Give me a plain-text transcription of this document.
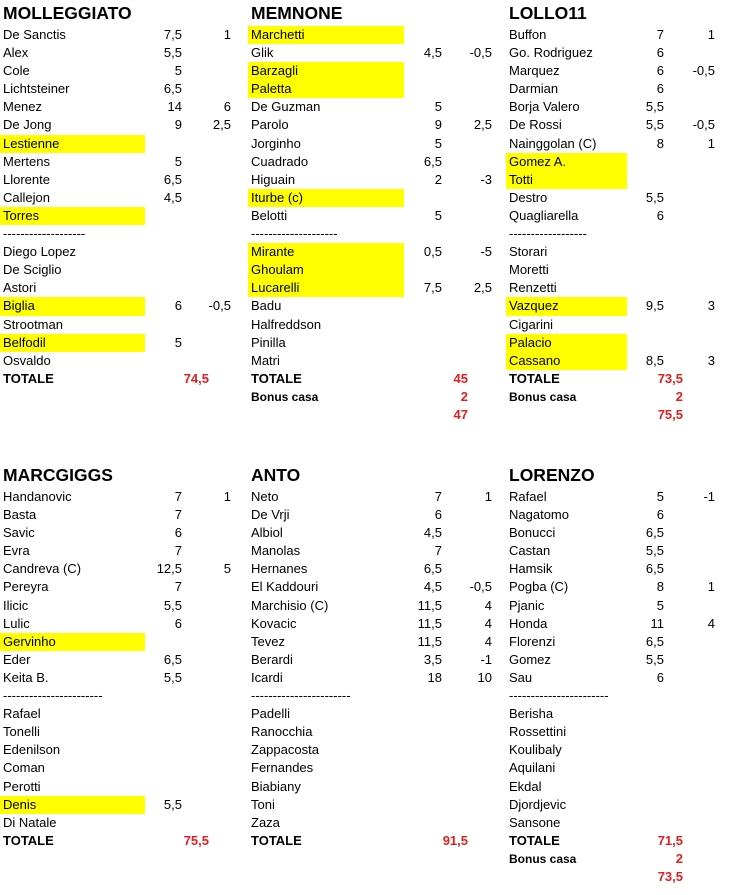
MOLLEGGIATO
De Sanctis	7,5	1
Alex	5,5
Cole	5
Lichtsteiner	6,5
Menez	14	6
De Jong	9	2,5
Lestienne
Mertens	5
Llorente	6,5
Callejon	4,5
Torres
-------------------
Diego Lopez
De Sciglio
Astori
Biglia	6	-0,5
Strootman
Belfodil	5
Osvaldo
TOTALE	74,5
MEMNONE
Marchetti
Glik	4,5	-0,5
Barzagli
Paletta
De Guzman	5
Parolo	9	2,5
Jorginho	5
Cuadrado	6,5
Higuain	2	-3
Iturbe (c)
Belotti	5
--------------------
Mirante	0,5	-5
Ghoulam
Lucarelli	7,5	2,5
Badu
Halfreddson
Pinilla
Matri
TOTALE	45
Bonus casa	2
47
LOLLO11
Buffon	7	1
Go. Rodriguez	6
Marquez	6	-0,5
Darmian	6
Borja Valero	5,5
De Rossi	5,5	-0,5
Nainggolan (C)	8	1
Gomez A.
Totti
Destro	5,5
Quagliarella	6
------------------
Storari
Moretti
Renzetti
Vazquez	9,5	3
Cigarini
Palacio
Cassano	8,5	3
TOTALE	73,5
Bonus casa	2
75,5
MARCGIGGS
Handanovic	7	1
Basta	7
Savic	6
Evra	7
Candreva (C)	12,5	5
Pereyra	7
Ilicic	5,5
Lulic	6
Gervinho
Eder	6,5
Keita B.	5,5
-----------------------
Rafael
Tonelli
Edenilson
Coman
Perotti
Denis	5,5
Di Natale
TOTALE	75,5
ANTO
Neto	7	1
De Vrji	6
Albiol	4,5
Manolas	7
Hernanes	6,5
El Kaddouri	4,5	-0,5
Marchisio (C)	11,5	4
Kovacic	11,5	4
Tevez	11,5	4
Berardi	3,5	-1
Icardi	18	10
-----------------------
Padelli
Ranocchia
Zappacosta
Fernandes
Biabiany
Toni
Zaza
TOTALE	91,5
LORENZO
Rafael	5	-1
Nagatomo	6
Bonucci	6,5
Castan	5,5
Hamsik	6,5
Pogba (C)	8	1
Pjanic	5
Honda	11	4
Florenzi	6,5
Gomez	5,5
Sau	6
-----------------------
Berisha
Rossettini
Koulibaly
Aquilani
Ekdal
Djordjevic
Sansone
TOTALE	71,5
Bonus casa	2
73,5
